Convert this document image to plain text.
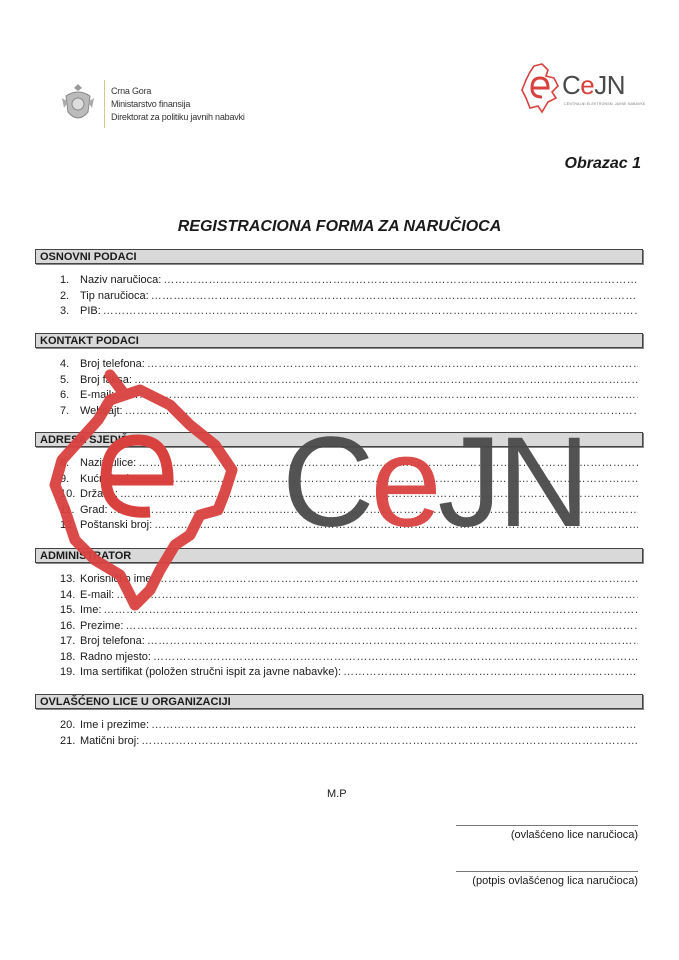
Crna Gora
Ministarstvo finansija
Direktorat za politiku javnih nabavki
CeJN
CENTRALNI ELEKTRONSKI JAVNE NABAVKE
Obrazac 1
REGISTRACIONA FORMA ZA NARUČIOCA
OSNOVNI PODACI
1. Naziv naručioca:
……………………………………………………………………………………………………………………………………………………………………………………………………………………
2. Tip naručioca:
……………………………………………………………………………………………………………………………………………………………………………………………………………………
3. PIB:
……………………………………………………………………………………………………………………………………………………………………………………………………………………
KONTAKT PODACI
4. Broj telefona:
……………………………………………………………………………………………………………………………………………………………………………………………………………………
5. Broj faksa:
……………………………………………………………………………………………………………………………………………………………………………………………………………………
6. E-mail:
……………………………………………………………………………………………………………………………………………………………………………………………………………………
7. Websajt:
……………………………………………………………………………………………………………………………………………………………………………………………………………………
ADRESA SJEDIŠTA
8. Naziv ulice:
……………………………………………………………………………………………………………………………………………………………………………………………………………………
9. Kućni broj:
……………………………………………………………………………………………………………………………………………………………………………………………………………………
10. Država:
……………………………………………………………………………………………………………………………………………………………………………………………………………………
11. Grad:
……………………………………………………………………………………………………………………………………………………………………………………………………………………
12. Poštanski broj:
……………………………………………………………………………………………………………………………………………………………………………………………………………………
ADMINISTRATOR
13. Korisničko ime:
……………………………………………………………………………………………………………………………………………………………………………………………………………………
14. E-mail:
……………………………………………………………………………………………………………………………………………………………………………………………………………………
15. Ime:
……………………………………………………………………………………………………………………………………………………………………………………………………………………
16. Prezime:
……………………………………………………………………………………………………………………………………………………………………………………………………………………
17. Broj telefona:
……………………………………………………………………………………………………………………………………………………………………………………………………………………
18. Radno mjesto:
……………………………………………………………………………………………………………………………………………………………………………………………………………………
19. Ima sertifikat (položen stručni ispit za javne nabavke):
……………………………………………………………………………………………………………………………………………………………………………………………………………………
OVLAŠĆENO LICE U ORGANIZACIJI
20. Ime i prezime:
……………………………………………………………………………………………………………………………………………………………………………………………………………………
21. Matični broj:
……………………………………………………………………………………………………………………………………………………………………………………………………………………
M.P
(ovlašćeno lice naručioca)
(potpis ovlašćenog lica naručioca)
CeJN
